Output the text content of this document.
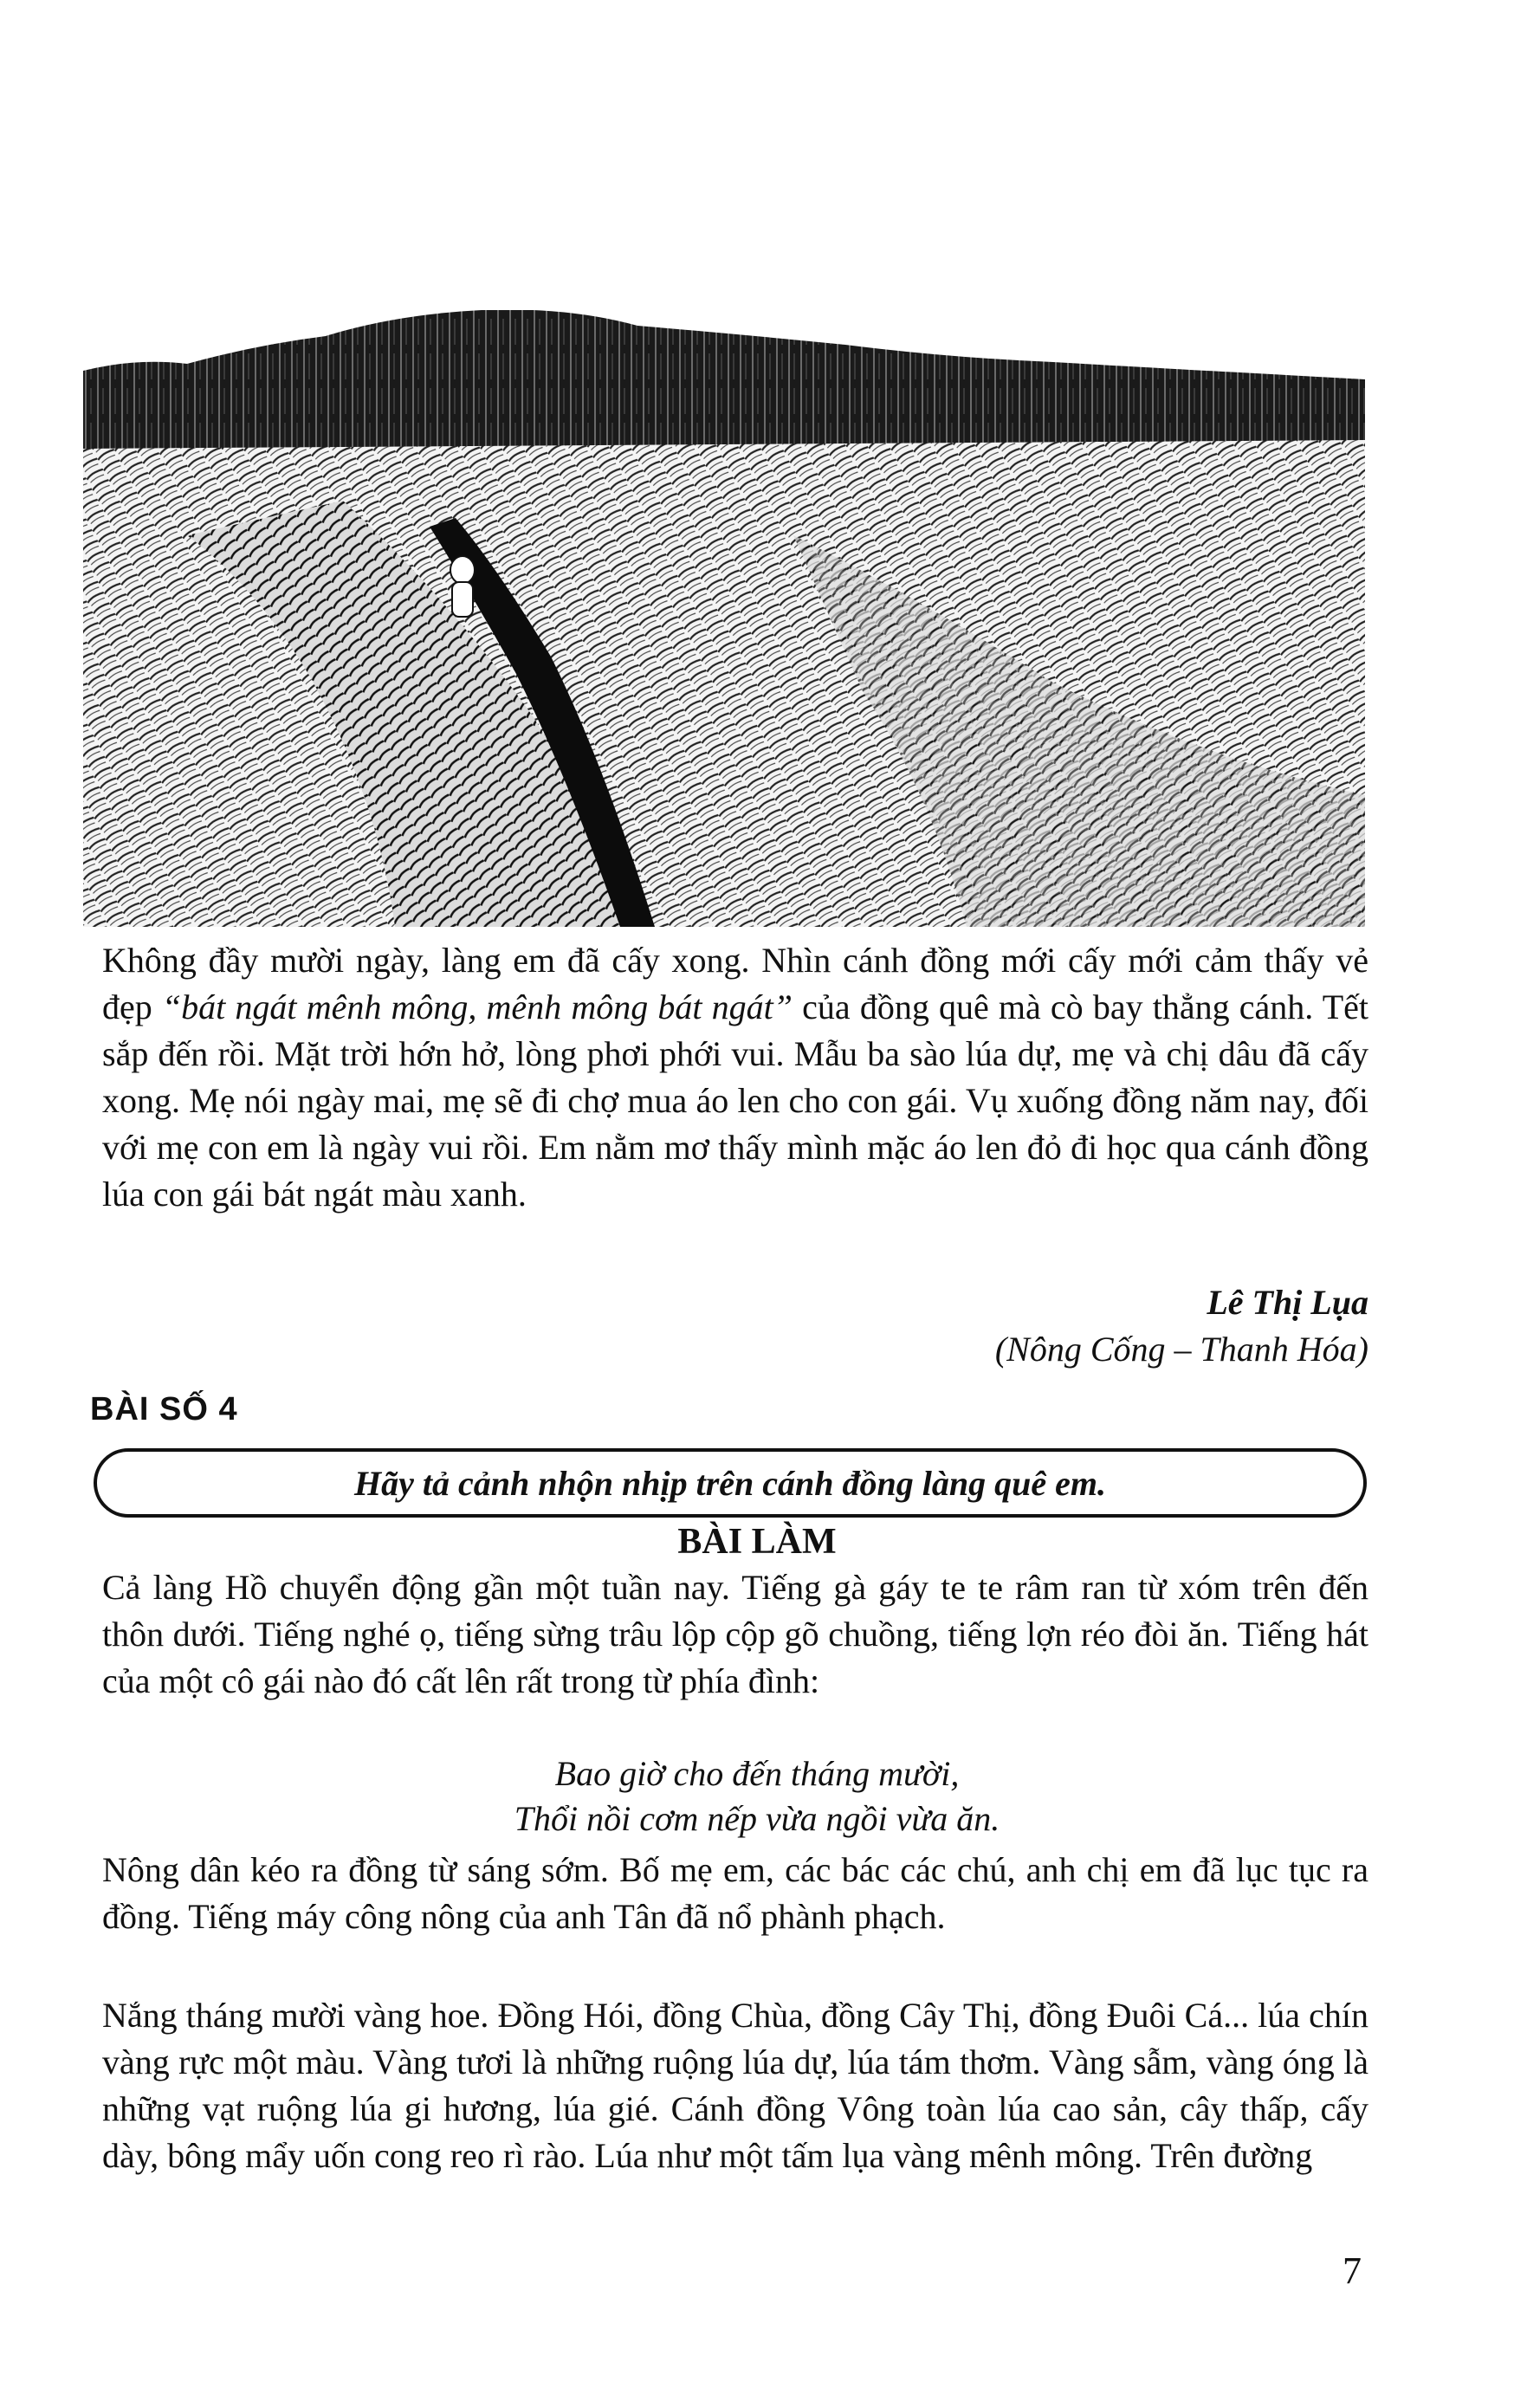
Không đầy mười ngày, làng em đã cấy xong. Nhìn cánh đồng mới cấy mới cảm thấy vẻ đẹp “bát ngát mênh mông, mênh mông bát ngát” của đồng quê mà cò bay thẳng cánh. Tết sắp đến rồi. Mặt trời hớn hở, lòng phơi phới vui. Mẫu ba sào lúa dự, mẹ và chị dâu đã cấy xong. Mẹ nói ngày mai, mẹ sẽ đi chợ mua áo len cho con gái. Vụ xuống đồng năm nay, đối với mẹ con em là ngày vui rồi. Em nằm mơ thấy mình mặc áo len đỏ đi học qua cánh đồng lúa con gái bát ngát màu xanh.

Lê Thị Lụa
(Nông Cống – Thanh Hóa)
BÀI SỐ 4
Hãy tả cảnh nhộn nhịp trên cánh đồng làng quê em.
BÀI LÀM

Cả làng Hồ chuyển động gần một tuần nay. Tiếng gà gáy te te râm ran từ xóm trên đến thôn dưới. Tiếng nghé ọ, tiếng sừng trâu lộp cộp gõ chuồng, tiếng lợn réo đòi ăn. Tiếng hát của một cô gái nào đó cất lên rất trong từ phía đình:

Bao giờ cho đến tháng mười,
Thổi nồi cơm nếp vừa ngồi vừa ăn.

Nông dân kéo ra đồng từ sáng sớm. Bố mẹ em, các bác các chú, anh chị em đã lục tục ra đồng. Tiếng máy công nông của anh Tân đã nổ phành phạch.

Nắng tháng mười vàng hoe. Đồng Hói, đồng Chùa, đồng Cây Thị, đồng Đuôi Cá... lúa chín vàng rực một màu. Vàng tươi là những ruộng lúa dự, lúa tám thơm. Vàng sẫm, vàng óng là những vạt ruộng lúa gi hương, lúa gié. Cánh đồng Vông toàn lúa cao sản, cây thấp, cấy dày, bông mẩy uốn cong reo rì rào. Lúa như một tấm lụa vàng mênh mông. Trên đường

7
